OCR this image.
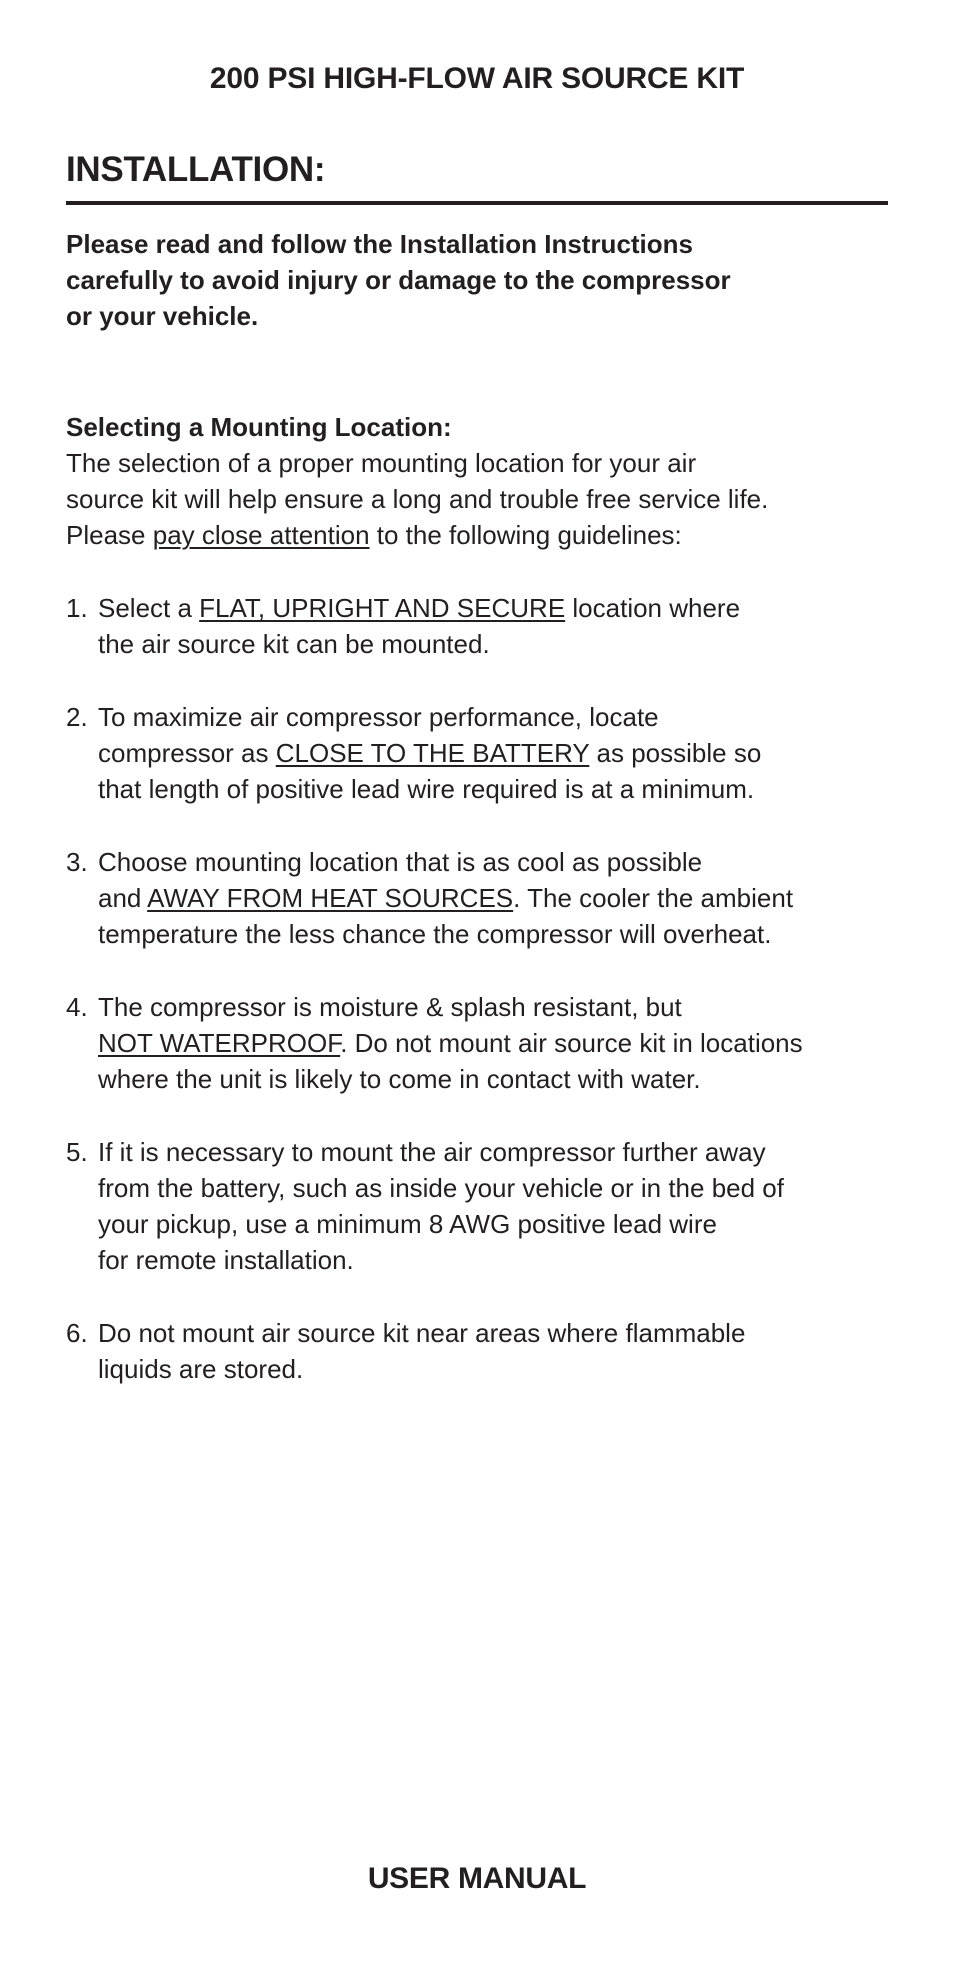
200 PSI HIGH-FLOW AIR SOURCE KIT
INSTALLATION:
Please read and follow the Installation Instructions
carefully to avoid injury or damage to the compressor
or your vehicle.
Selecting a Mounting Location:
The selection of a proper mounting location for your air
source kit will help ensure a long and trouble free service life.
Please pay close attention to the following guidelines:
1. Select a FLAT, UPRIGHT AND SECURE location where
the air source kit can be mounted.
2. To maximize air compressor performance, locate
compressor as CLOSE TO THE BATTERY as possible so
that length of positive lead wire required is at a minimum.
3. Choose mounting location that is as cool as possible
and AWAY FROM HEAT SOURCES. The cooler the ambient
temperature the less chance the compressor will overheat.
4. The compressor is moisture & splash resistant, but
NOT WATERPROOF. Do not mount air source kit in locations
where the unit is likely to come in contact with water.
5. If it is necessary to mount the air compressor further away
from the battery, such as inside your vehicle or in the bed of
your pickup, use a minimum 8 AWG positive lead wire
for remote installation.
6. Do not mount air source kit near areas where flammable
liquids are stored.
USER MANUAL
